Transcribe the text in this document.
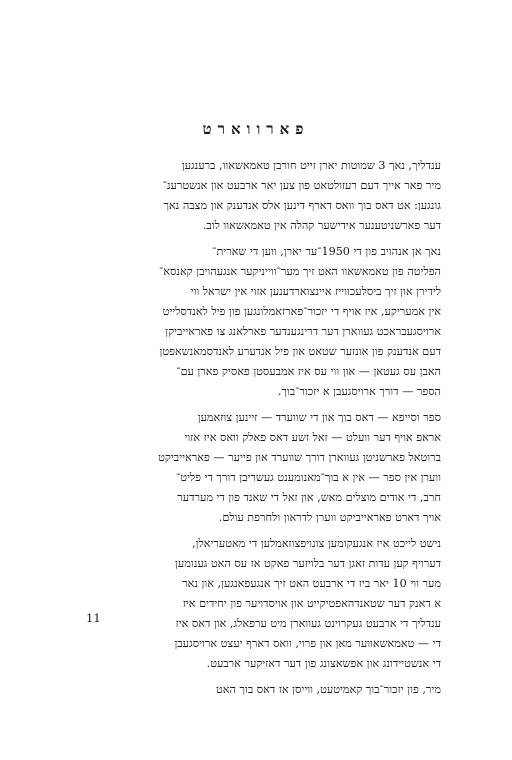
פארווארט

ענדליך, נאך 3 שמוטות יארן זייט חורבן טאמאשאוו, ברענגען
מיר פאר אייך דעם רעזולטאט פון צען יאר ארבעט און אנשטרענ־
גונגען: אט דאס בוך וואס דארף דינען אלס אנדענק און מצבה נאך
דער פארשניטענער אידישער קהלה אין טאמאשאוו לוב.

נאך אן אנהויב פון די 1950־ער יארן, ווען די שארית־
הפליטה פון טאמאשאוו האט זיך מער־ווייניקער אנגעהויבן קאנסא־
לידירן און זיך ביסלעכווייז איינצוארדענען אזוי אין ישראל ווי
אין אמעריקע, איז אויף די יזכור־פארזאמלונגען פון פיל לאנדסלייט
ארויסגעבראכט געווארן דער דרינגענדער פארלאנג צו פאראייביקן
דעם אנדענק פון אונזער שטאט און פיל אנדערע לאנדסמאנשאפטן
האבן עס געטאן — און ווי עס איז אמבעסטן פאסיק פארן עם־
הספר — דורך ארויסגעבן א יזכור־בוך.

ספר וסייפא — דאס בוך און די שווערד — זיינען צוזאמען
אראפ אויף דער וועלט — זאל זשע דאס פאלק וואס איז אזוי
ברוטאל פארשניטן געווארן דורך שווערד און פייער — פאראייביקט
ווערן אין ספר — אין א בוך־מאנומענט געשריבן דורך די פליט־
חרב, די אודים מוצלים מאש, און זאל די שאנד פון די מערדער
אויך דארט פאראייביקט ווערן לדראון ולחרפת עולם.

נישט לייכט איז אנגעקומען צונויפצוזאמלען די מאטעריאלן,
דערויף קען עדות זאגן דער בלויזער פאקט אז עס האט גענומען
מער ווי 10 יאר ביז די ארבעט האט זיך אנגעפאנגען, און נאר
א דאנק דער שטאנדהאפטיקייט און אויסדויער פון יחידים איז
ענדליך די ארבעט געקרוינט געווארן מיט ערפאלג, און דאס איז
די — טאמאשאווער מאן און פרוי, וואס דארף יעצט ארויסגעבן
די אנשטיידונג און אפשאצונג פון דער דאזיקער ארבעט.

מיר, פון יזכור־בוך קאמיטעט, ווייסן אז דאס בוך האט

11
